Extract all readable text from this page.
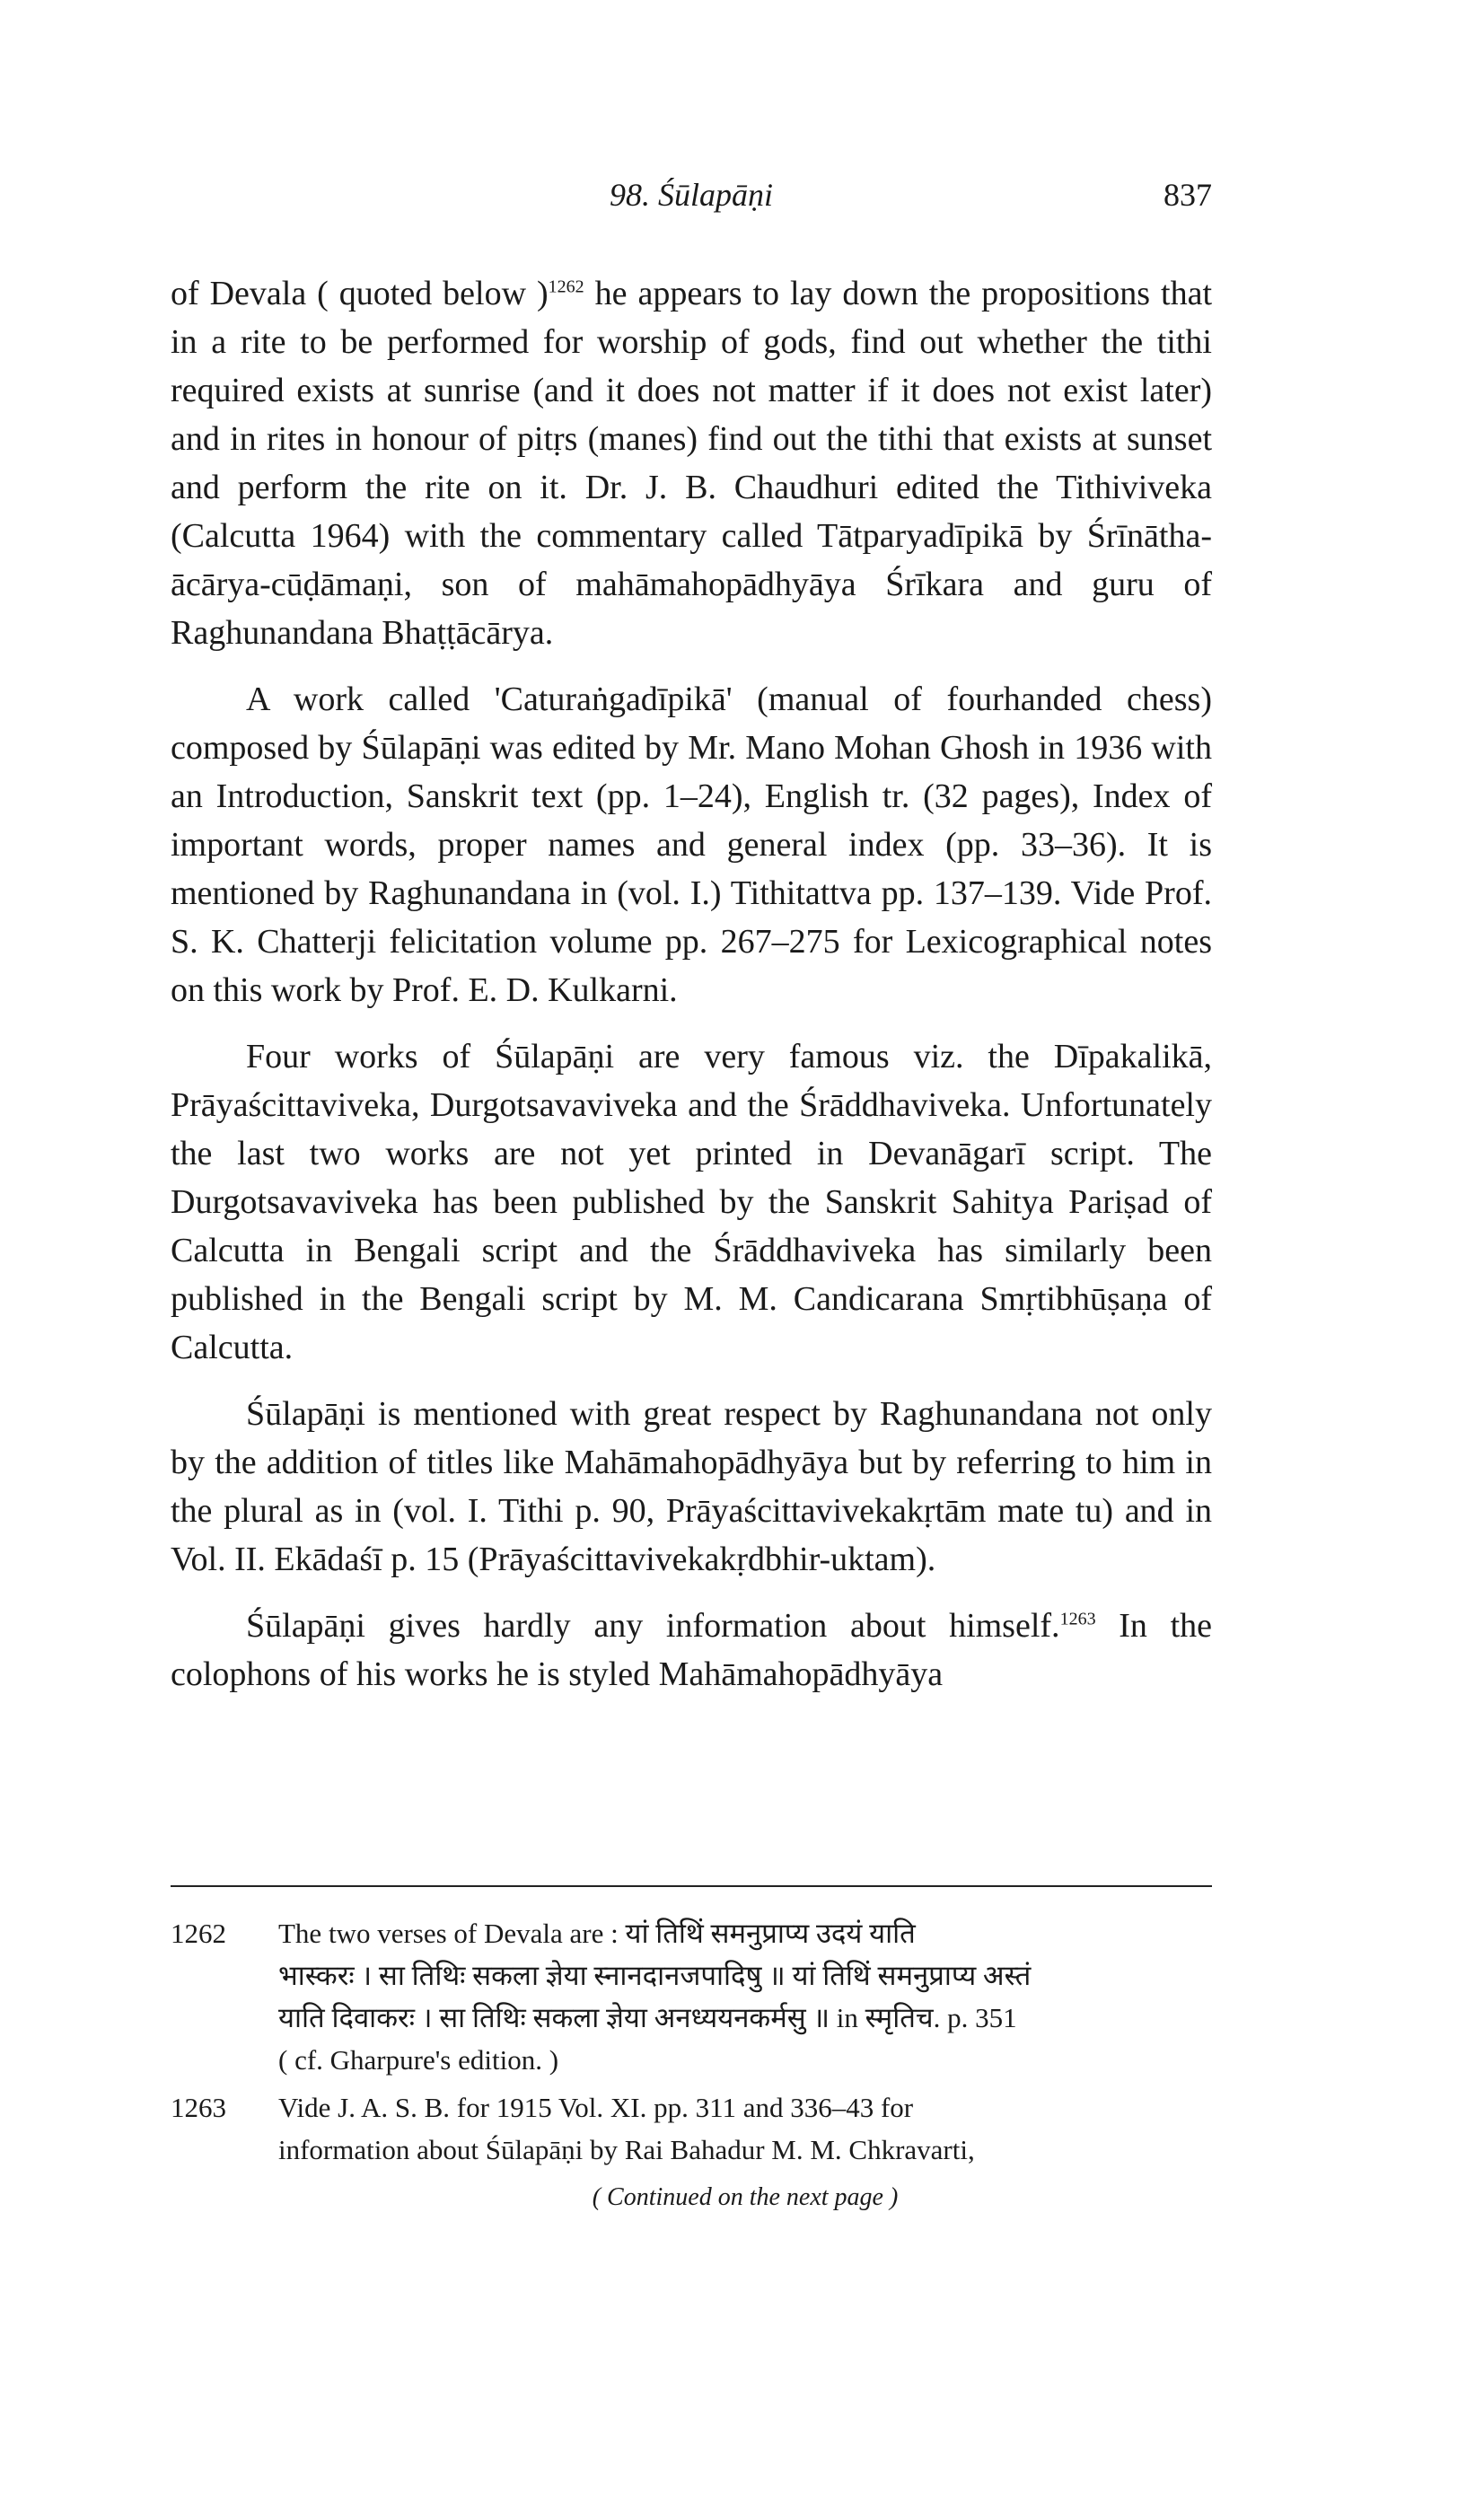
98. Śūlapāṇi	837

of Devala ( quoted below )$^{1262}$ he appears to lay down the propositions that in a rite to be performed for worship of gods, find out whether the tithi required exists at sunrise (and it does not matter if it does not exist later) and in rites in honour of pitṛs (manes) find out the tithi that exists at sunset and perform the rite on it. Dr. J. B. Chaudhuri edited the Tithiviveka (Calcutta 1964) with the commentary called Tātparyadīpikā by Śrīnātha-ācārya-cūḍāmaṇi, son of mahāmahopādhyāya Śrīkara and guru of Raghunandana Bhaṭṭācārya.

A work called 'Caturaṅgadīpikā' (manual of fourhanded chess) composed by Śūlapāṇi was edited by Mr. Mano Mohan Ghosh in 1936 with an Introduction, Sanskrit text (pp. 1–24), English tr. (32 pages), Index of important words, proper names and general index (pp. 33–36). It is mentioned by Raghunandana in (vol. I.) Tithitattva pp. 137–139. Vide Prof. S. K. Chatterji felicitation volume pp. 267–275 for Lexicographical notes on this work by Prof. E. D. Kulkarni.

Four works of Śūlapāṇi are very famous viz. the Dīpakalikā, Prāyaścittaviveka, Durgotsavaviveka and the Śrāddhaviveka. Unfortunately the last two works are not yet printed in Devanāgarī script. The Durgotsavaviveka has been published by the Sanskrit Sahitya Pariṣad of Calcutta in Bengali script and the Śrāddhaviveka has similarly been published in the Bengali script by M. M. Candicarana Smṛtibhūṣaṇa of Calcutta.

Śūlapāṇi is mentioned with great respect by Raghunandana not only by the addition of titles like Mahāmahopādhyāya but by referring to him in the plural as in (vol. I. Tithi p. 90, Prāyaścittavivekakṛtām mate tu) and in Vol. II. Ekādaśī p. 15 (Prāyaścittavivekakṛdbhir-uktam).

Śūlapāṇi gives hardly any information about himself.$^{1263}$ In the colophons of his works he is styled Mahāmahopādhyāya

1262	The two verses of Devala are : यां तिथिं समनुप्राप्य उदयं याति
भास्करः । सा तिथिः सकला ज्ञेया स्नानदानजपादिषु ॥ यां तिथिं समनुप्राप्य अस्तं
याति दिवाकरः । सा तिथिः सकला ज्ञेया अनध्ययनकर्मसु ॥ in स्मृतिच. p. 351
( cf. Gharpure's edition. )
1263	Vide J. A. S. B. for 1915 Vol. XI. pp. 311 and 336–43 for
information about Śūlapāṇi by Rai Bahadur M. M. Chkravarti,
( Continued on the next page )
